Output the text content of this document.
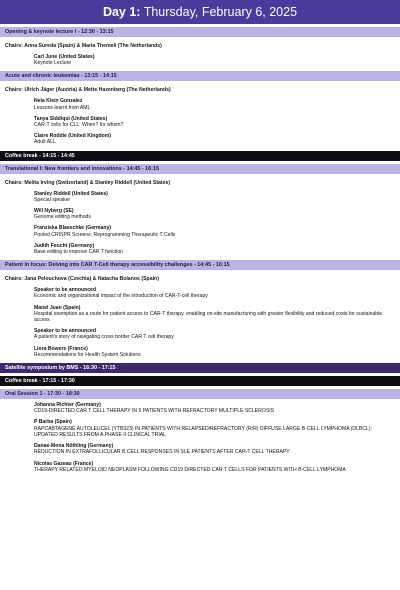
Day 1: Thursday, February 6, 2025
Opening & keynote lecture I - 12:30 - 13:15
Chairs: Anna Sureda (Spain) & Maria Themeli (The Netherlands)
Carl June (United States)
Keynote Lecture
Acute and chronic leukemias - 13:15 - 14:15
Chairs: Ulrich Jäger (Austria) & Mette Hazenberg (The Netherlands)
Nela Klein Gonzalez
Lessons learnt from AML
Tanya Siddiqui (United States)
CAR-T cells for CLL: When? for whom?
Claire Roddie (United Kingdom)
Adult ALL
Coffee break - 14:15 - 14:45
Translational I: New frontiers and innovations - 14:45 - 16:15
Chairs: Melita Irving (Switzerland) & Stanley Riddell (United States)
Stanley Riddell (United States)
Special speaker
Will Nyberg (SE)
Genome editing methods
Franziska Blaeschke (Germany)
Pooled CRISPR Screens: Reprogramming Therapeutic T Cells
Judith Feucht (Germany)
Base editing to improve CAR T function
Patient in focus: Delving into CAR T-Cell therapy accessibility challenges - 14:45 - 16:15
Chairs: Jana Pelouchova (Czechia) & Natacha Bolanos (Spain)
Speaker to be announced
Economic and organizational impact of the introduction of CAR-T-cell therapy
Manel Juan (Spain)
Hospital exemption as a route for patient access to CAR-T therapy, enabling on-site manufacturing with greater flexibility and reduced costs for sustainable access
Speaker to be announced
A patient's story of navigating cross border CAR T cell therapy
Liora Bowers (France)
Recommendations for Health System Solutions
Satellite symposium by BMS - 16:30 - 17:15
Coffee break - 17:15 - 17:30
Oral Session 1 - 17:30 - 18:30
Johanna Richter (Germany)
CD19-DIRECTED CAR T CELL THERAPY IN 5 PATIENTS WITH REFRACTORY MULTIPLE SCLEROSIS
P Barba (Spain)
RAPCABTAGENE AUTOLEUCEL (YTB323) IN PATIENTS WITH RELAPSED/REFRACTORY (R/R) DIFFUSE LARGE B-CELL LYMPHOMA (DLBCL): UPDATED RESULTS FROM A PHASE II CLINICAL TRIAL
Danae-Mona Nöthling (Germany)
REDUCTION IN EXTRAFOLLICULAR B CELL RESPONSES IN SLE PATIENTS AFTER CAR-T CELL THERAPY
Nicolas Gazeau (France)
THERAPY RELATED MYELOID NEOPLASM FOLLOWING CD19 DIRECTED CAR T CELLS FOR PATIENTS WITH B-CELL LYMPHOMA
